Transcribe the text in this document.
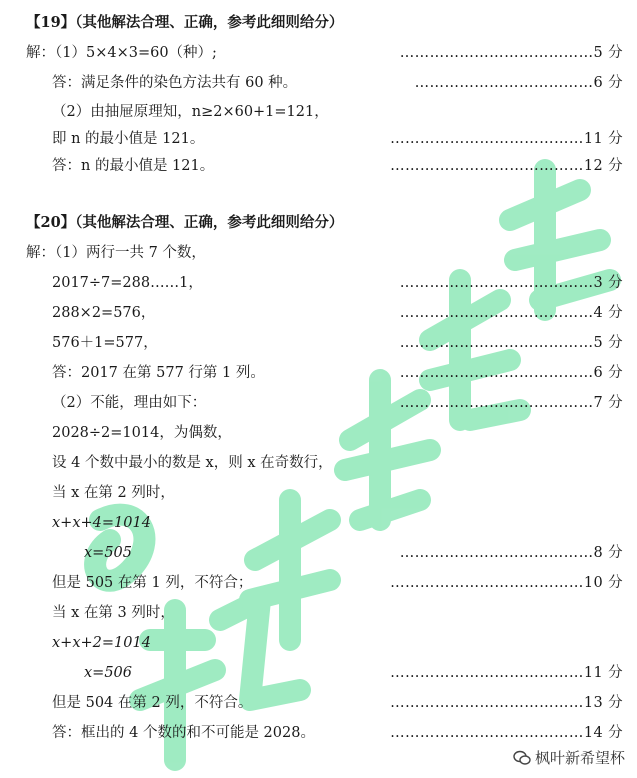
【19】（其他解法合理、正确，参考此细则给分）
解：（1）5×4×3=60（种）;	…………………………………5 分
答：满足条件的染色方法共有 60 种。	………………………………6 分
（2）由抽屉原理知，n≥2×60+1=121，
即 n 的最小值是 121。	…………………………………11 分
答：n 的最小值是 121。	…………………………………12 分
【20】（其他解法合理、正确，参考此细则给分）
解：（1）两行一共 7 个数，
2017÷7=288……1，	…………………………………3 分
288×2=576，	…………………………………4 分
576＋1=577，	…………………………………5 分
答：2017 在第 577 行第 1 列。	…………………………………6 分
（2）不能，理由如下：	…………………………………7 分
2028÷2=1014，为偶数，
设 4 个数中最小的数是 x，则 x 在奇数行，
当 x 在第 2 列时，
x+x+4=1014
x=505	…………………………………8 分
但是 505 在第 1 列，不符合；	…………………………………10 分
当 x 在第 3 列时，
x+x+2=1014
x=506	…………………………………11 分
但是 504 在第 2 列，不符合。	…………………………………13 分
答：框出的 4 个数的和不可能是 2028。	…………………………………14 分
枫叶新希望杯
